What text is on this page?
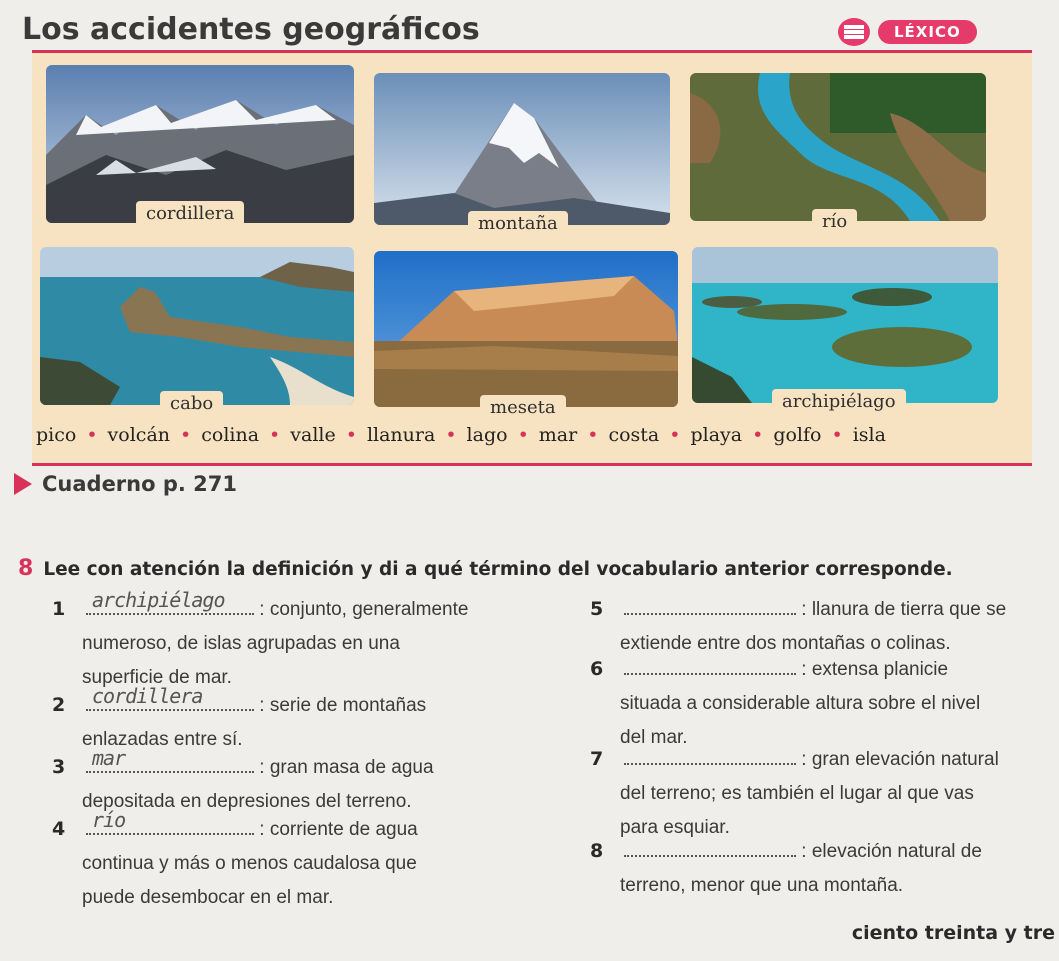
Los accidentes geográficos	LÉXICO
cordillera	montaña	río
cabo	meseta	archipiélago
pico • volcán • colina • valle • llanura • lago • mar • costa • playa • golfo • isla
Cuaderno p. 271
8 Lee con atención la definición y di a qué término del vocabulario anterior corresponde.
1 archipiélago : conjunto, generalmente
numeroso, de islas agrupadas en una
superficie de mar.
2 cordillera	: serie de montañas
enlazadas entre sí.
3 mar	: gran masa de agua
depositada en depresiones del terreno.
4 río	: corriente de agua
continua y más o menos caudalosa que
puede desembocar en el mar.
5	: llanura de tierra que se
extiende entre dos montañas o colinas.
6	: extensa planicie
situada a considerable altura sobre el nivel
del mar.
7	: gran elevación natural
del terreno; es también el lugar al que vas
para esquiar.
8	: elevación natural de
terreno, menor que una montaña.
ciento treinta y tre
